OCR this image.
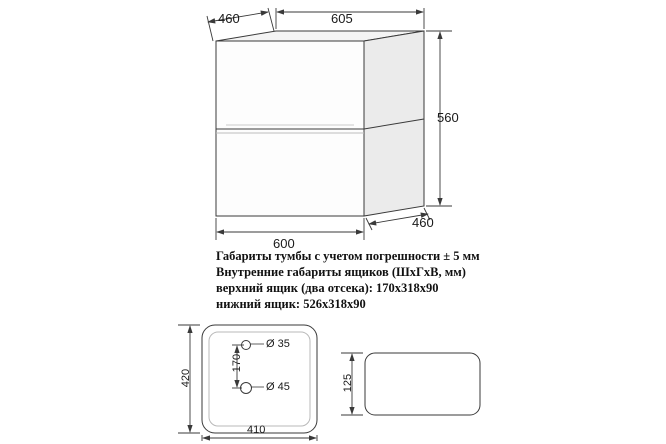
460	605
560
460
600
420
410
170
Ø 35
Ø 45	125
Габариты тумбы с учетом погрешности ± 5 мм
Внутренние габариты ящиков (ШхГхВ, мм)
верхний ящик (два отсека): 170х318х90
нижний ящик: 526х318х90
